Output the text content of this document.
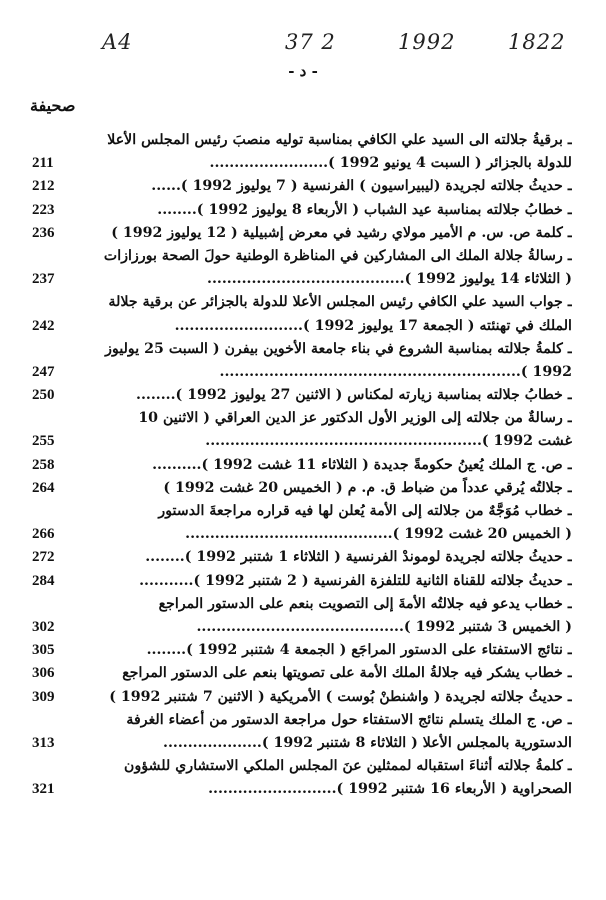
A4	37 2	1992	1822
- د -
صحيفة
ـ برقيةُ جلالته الى السيد علي الكافي بمناسبة توليه منصبَ رئيس المجلس الأعلا
للدولة بالجزائر ( السبت 4 يونيو 1992 )........................
211
ـ حديثُ جلالته لجريدة (ليبيراسيون ) الفرنسية ( 7 يوليوز 1992 )......
212
ـ خطابُ جلالته بمناسبة عيد الشباب ( الأربعاء 8 يوليوز 1992 )........
223
ـ كلمة ص. س. م الأمير مولاي رشيد في معرض إشبيلية ( 12 يوليوز 1992 )
236
ـ رسالةُ جلالة الملك الى المشاركين في المناظرة الوطنية حولَ الصحة بورزازات
( الثلاثاء 14 يوليوز 1992 )........................................
237
ـ جواب السيد علي الكافي رئيس المجلس الأعلا للدولة بالجزائر عن برقية جلالة
الملك في تهنئته ( الجمعة 17 يوليوز 1992 )..........................
242
ـ كلمةُ جلالته بمناسبة الشروع في بناء جامعة الأخوين بيفرن ( السبت 25 يوليوز
1992 ).............................................................
247
ـ خطابُ جلالته بمناسبة زيارته لمكناس ( الاثنين 27 يوليوز 1992 )........
250
ـ رسالةٌ من جلالته إلى الوزير الأول الدكتور عز الدين العراقي ( الاثنين 10
غشت 1992 )........................................................
255
ـ ص. ج الملك يُعينُ حكومةً جديدة ( الثلاثاء 11 غشت 1992 )..........
258
ـ جلالتُه يُرقي عدداً من ضباط ق. م. م ( الخميس 20 غشت 1992 )
264
ـ خطاب مُوَجَّهٌ من جلالته إلى الأمة يُعلن لها فيه قراره مراجعةَ الدستور
( الخميس 20 غشت 1992 )..........................................
266
ـ حديثُ جلالته لجريدة لوموندْ الفرنسية ( الثلاثاء 1 شتنبر 1992 )........
272
ـ حديثُ جلالته للقناة الثانية للتلفزة الفرنسية ( 2 شتنبر 1992 )...........
284
ـ خطاب يدعو فيه جلالتُه الأمةَ إلى التصويت بنعم على الدستور المراجع
( الخميس 3 شتنبر 1992 )..........................................
302
ـ نتائج الاستفتاء على الدستور المراجَع ( الجمعة 4 شتنبر 1992 )........
305
ـ خطاب يشكر فيه جلالةُ الملك الأمة على تصويتها بنعم على الدستور المراجع
306
ـ حديثُ جلالته لجريدة ( واشنطنْ بُوست ) الأمريكية ( الاثنين 7 شتنبر 1992 )
309
ـ ص. ج الملك يتسلم نتائج الاستفتاء حول مراجعة الدستور من أعضاء الغرفة
الدستورية بالمجلس الأعلا ( الثلاثاء 8 شتنبر 1992 )....................
313
ـ كلمةُ جلالته أثناءَ استقباله لممثلين عنَ المجلس الملكي الاستشاري للشؤون
الصحراوية ( الأربعاء 16 شتنبر 1992 )..........................
321
